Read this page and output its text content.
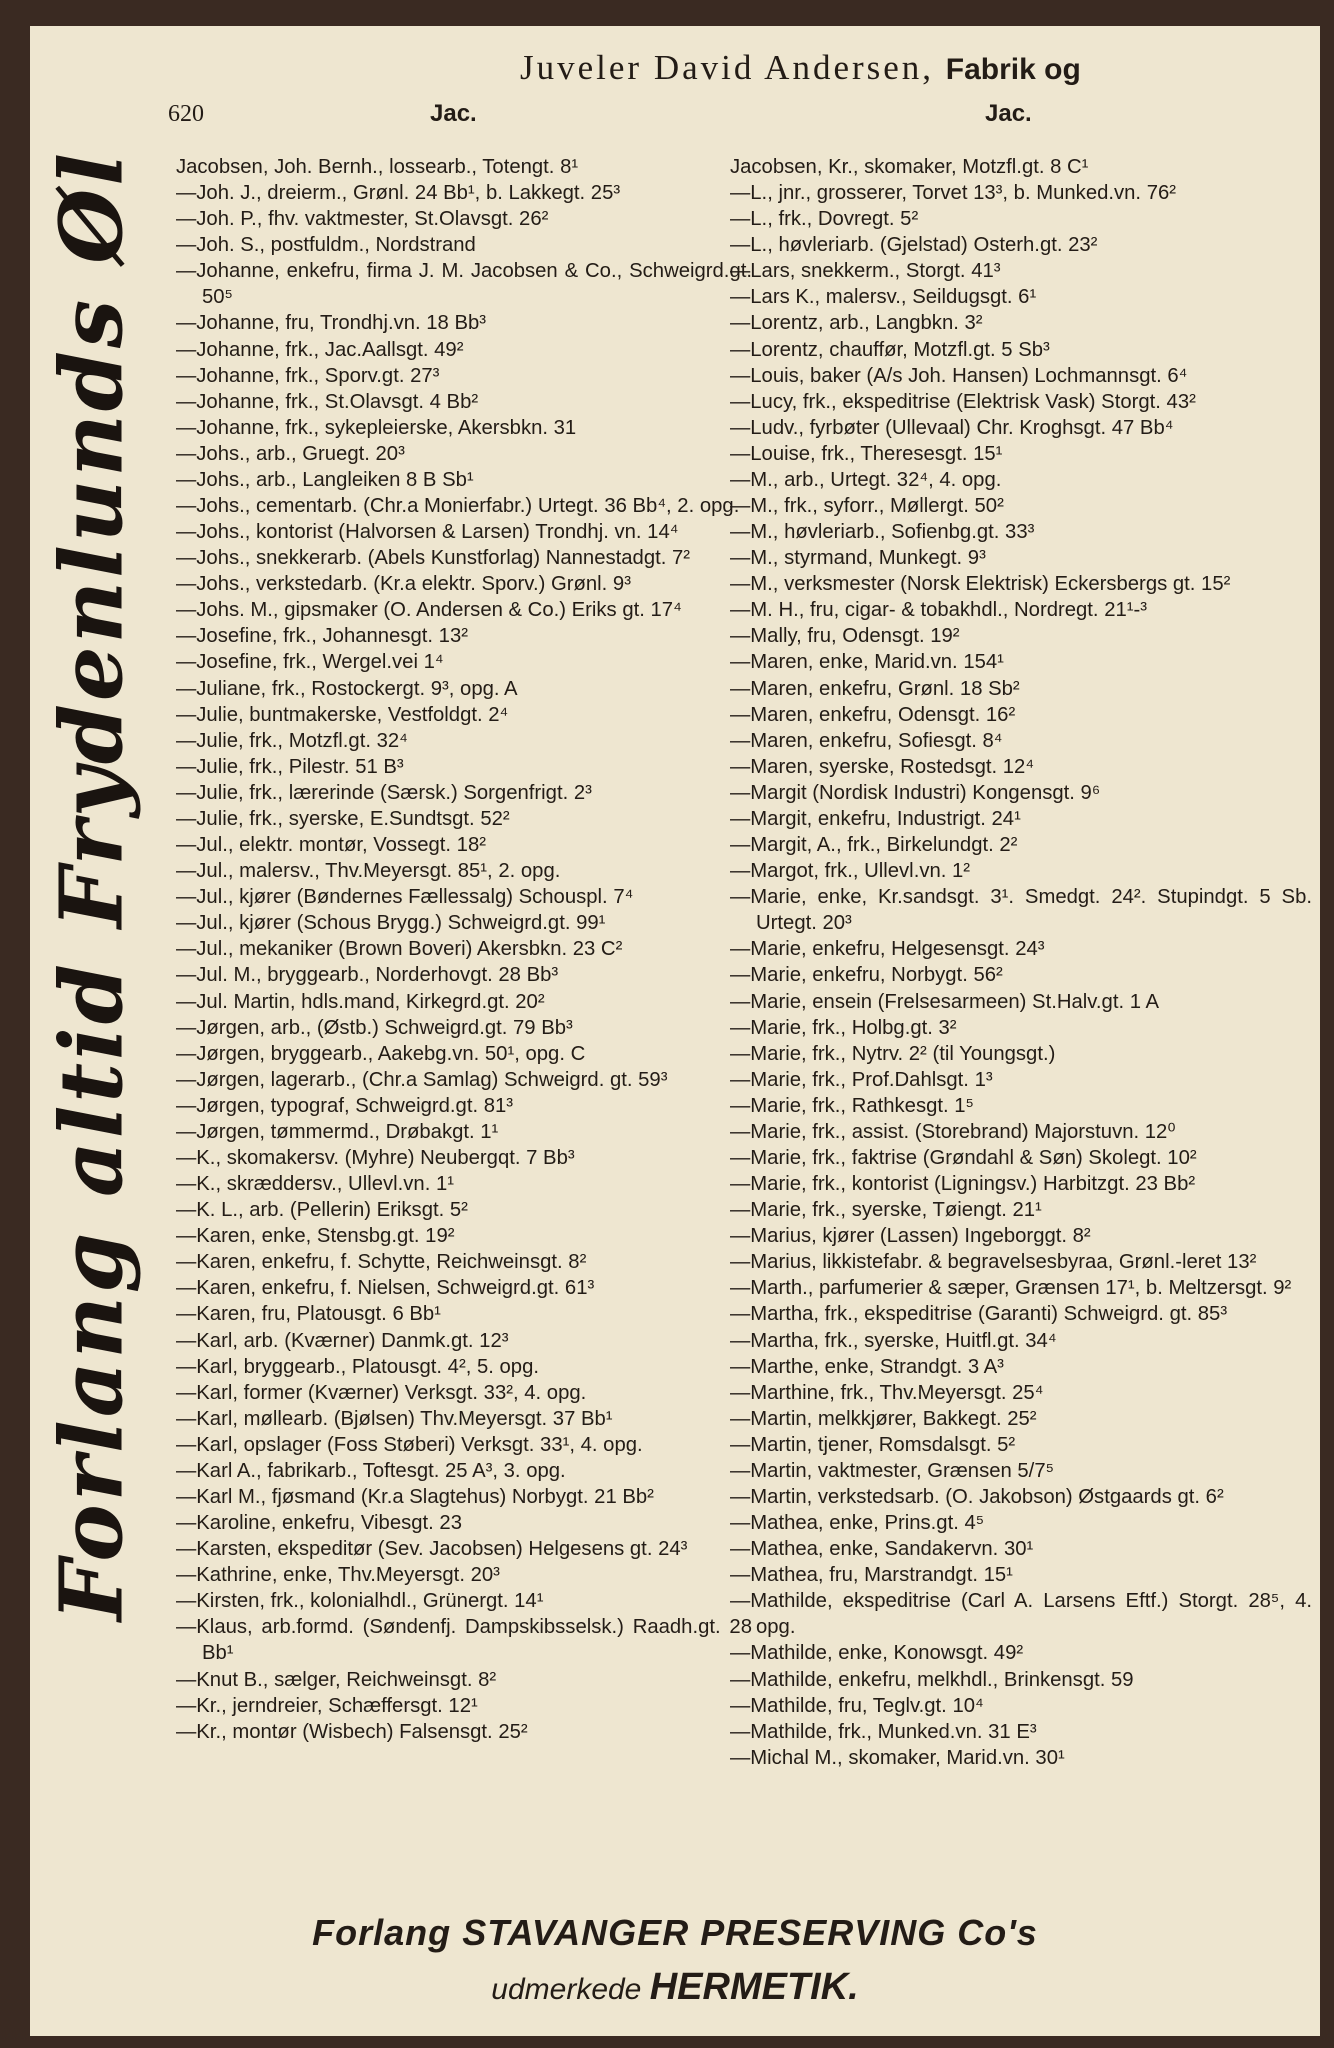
Juveler David Andersen, Fabrik og
620	Jac.	Jac.
Forlang altid Frydenlunds Øl Jacobsen, Joh. Bernh., lossearb., Totengt. 8¹
—Joh. J., dreierm., Grønl. 24 Bb¹, b. Lakkegt. 25³
—Joh. P., fhv. vaktmester, St.Olavsgt. 26²
—Joh. S., postfuldm., Nordstrand
—Johanne, enkefru, firma J. M. Jacobsen & Co., Schweigrd.gt. 50⁵
—Johanne, fru, Trondhj.vn. 18 Bb³
—Johanne, frk., Jac.Aallsgt. 49²
—Johanne, frk., Sporv.gt. 27³
—Johanne, frk., St.Olavsgt. 4 Bb²
—Johanne, frk., sykepleierske, Akersbkn. 31
—Johs., arb., Gruegt. 20³
—Johs., arb., Langleiken 8 B Sb¹
—Johs., cementarb. (Chr.a Monierfabr.) Urtegt. 36 Bb⁴, 2. opg.
—Johs., kontorist (Halvorsen & Larsen) Trondhj. vn. 14⁴
—Johs., snekkerarb. (Abels Kunstforlag) Nannestadgt. 7²
—Johs., verkstedarb. (Kr.a elektr. Sporv.) Grønl. 9³
—Johs. M., gipsmaker (O. Andersen & Co.) Eriks gt. 17⁴
—Josefine, frk., Johannesgt. 13²
—Josefine, frk., Wergel.vei 1⁴
—Juliane, frk., Rostockergt. 9³, opg. A
—Julie, buntmakerske, Vestfoldgt. 2⁴
—Julie, frk., Motzfl.gt. 32⁴
—Julie, frk., Pilestr. 51 B³
—Julie, frk., lærerinde (Særsk.) Sorgenfrigt. 2³
—Julie, frk., syerske, E.Sundtsgt. 52²
—Jul., elektr. montør, Vossegt. 18²
—Jul., malersv., Thv.Meyersgt. 85¹, 2. opg.
—Jul., kjører (Bøndernes Fællessalg) Schouspl. 7⁴
—Jul., kjører (Schous Brygg.) Schweigrd.gt. 99¹
—Jul., mekaniker (Brown Boveri) Akersbkn. 23 C²
—Jul. M., bryggearb., Norderhovgt. 28 Bb³
—Jul. Martin, hdls.mand, Kirkegrd.gt. 20²
—Jørgen, arb., (Østb.) Schweigrd.gt. 79 Bb³
—Jørgen, bryggearb., Aakebg.vn. 50¹, opg. C
—Jørgen, lagerarb., (Chr.a Samlag) Schweigrd. gt. 59³
—Jørgen, typograf, Schweigrd.gt. 81³
—Jørgen, tømmermd., Drøbakgt. 1¹
—K., skomakersv. (Myhre) Neubergqt. 7 Bb³
—K., skræddersv., Ullevl.vn. 1¹
—K. L., arb. (Pellerin) Eriksgt. 5²
—Karen, enke, Stensbg.gt. 19²
—Karen, enkefru, f. Schytte, Reichweinsgt. 8²
—Karen, enkefru, f. Nielsen, Schweigrd.gt. 61³
—Karen, fru, Platousgt. 6 Bb¹
—Karl, arb. (Kværner) Danmk.gt. 12³
—Karl, bryggearb., Platousgt. 4², 5. opg.
—Karl, former (Kværner) Verksgt. 33², 4. opg.
—Karl, møllearb. (Bjølsen) Thv.Meyersgt. 37 Bb¹
—Karl, opslager (Foss Støberi) Verksgt. 33¹, 4. opg.
—Karl A., fabrikarb., Toftesgt. 25 A³, 3. opg.
—Karl M., fjøsmand (Kr.a Slagtehus) Norbygt. 21 Bb²
—Karoline, enkefru, Vibesgt. 23
—Karsten, ekspeditør (Sev. Jacobsen) Helgesens gt. 24³
—Kathrine, enke, Thv.Meyersgt. 20³
—Kirsten, frk., kolonialhdl., Grünergt. 14¹
—Klaus, arb.formd. (Søndenfj. Dampskibsselsk.) Raadh.gt. 28 Bb¹
—Knut B., sælger, Reichweinsgt. 8²
—Kr., jerndreier, Schæffersgt. 12¹
—Kr., montør (Wisbech) Falsensgt. 25²
Jacobsen, Kr., skomaker, Motzfl.gt. 8 C¹
—L., jnr., grosserer, Torvet 13³, b. Munked.vn. 76²
—L., frk., Dovregt. 5²
—L., høvleriarb. (Gjelstad) Osterh.gt. 23²
—Lars, snekkerm., Storgt. 41³
—Lars K., malersv., Seildugsgt. 6¹
—Lorentz, arb., Langbkn. 3²
—Lorentz, chauffør, Motzfl.gt. 5 Sb³
—Louis, baker (A/s Joh. Hansen) Lochmannsgt. 6⁴
—Lucy, frk., ekspeditrise (Elektrisk Vask) Storgt. 43²
—Ludv., fyrbøter (Ullevaal) Chr. Kroghsgt. 47 Bb⁴
—Louise, frk., Theresesgt. 15¹
—M., arb., Urtegt. 32⁴, 4. opg.
—M., frk., syforr., Møllergt. 50²
—M., høvleriarb., Sofienbg.gt. 33³
—M., styrmand, Munkegt. 9³
—M., verksmester (Norsk Elektrisk) Eckersbergs gt. 15²
—M. H., fru, cigar- & tobakhdl., Nordregt. 21¹-³
—Mally, fru, Odensgt. 19²
—Maren, enke, Marid.vn. 154¹
—Maren, enkefru, Grønl. 18 Sb²
—Maren, enkefru, Odensgt. 16²
—Maren, enkefru, Sofiesgt. 8⁴
—Maren, syerske, Rostedsgt. 12⁴
—Margit (Nordisk Industri) Kongensgt. 9⁶
—Margit, enkefru, Industrigt. 24¹
—Margit, A., frk., Birkelundgt. 2²
—Margot, frk., Ullevl.vn. 1²
—Marie, enke, Kr.sandsgt. 3¹. Smedgt. 24². Stupindgt. 5 Sb. Urtegt. 20³
—Marie, enkefru, Helgesensgt. 24³
—Marie, enkefru, Norbygt. 56²
—Marie, ensein (Frelsesarmeen) St.Halv.gt. 1 A
—Marie, frk., Holbg.gt. 3²
—Marie, frk., Nytrv. 2² (til Youngsgt.)
—Marie, frk., Prof.Dahlsgt. 1³
—Marie, frk., Rathkesgt. 1⁵
—Marie, frk., assist. (Storebrand) Majorstuvn. 12⁰
—Marie, frk., faktrise (Grøndahl & Søn) Skolegt. 10²
—Marie, frk., kontorist (Ligningsv.) Harbitzgt. 23 Bb²
—Marie, frk., syerske, Tøiengt. 21¹
—Marius, kjører (Lassen) Ingeborggt. 8²
—Marius, likkistefabr. & begravelsesbyraa, Grønl.-leret 13²
—Marth., parfumerier & sæper, Grænsen 17¹, b. Meltzersgt. 9²
—Martha, frk., ekspeditrise (Garanti) Schweigrd. gt. 85³
—Martha, frk., syerske, Huitfl.gt. 34⁴
—Marthe, enke, Strandgt. 3 A³
—Marthine, frk., Thv.Meyersgt. 25⁴
—Martin, melkkjører, Bakkegt. 25²
—Martin, tjener, Romsdalsgt. 5²
—Martin, vaktmester, Grænsen 5/7⁵
—Martin, verkstedsarb. (O. Jakobson) Østgaards gt. 6²
—Mathea, enke, Prins.gt. 4⁵
—Mathea, enke, Sandakervn. 30¹
—Mathea, fru, Marstrandgt. 15¹
—Mathilde, ekspeditrise (Carl A. Larsens Eftf.) Storgt. 28⁵, 4. opg.
—Mathilde, enke, Konowsgt. 49²
—Mathilde, enkefru, melkhdl., Brinkensgt. 59
—Mathilde, fru, Teglv.gt. 10⁴
—Mathilde, frk., Munked.vn. 31 E³
—Michal M., skomaker, Marid.vn. 30¹
Forlang STAVANGER PRESERVING Co's
udmerkede HERMETIK.
